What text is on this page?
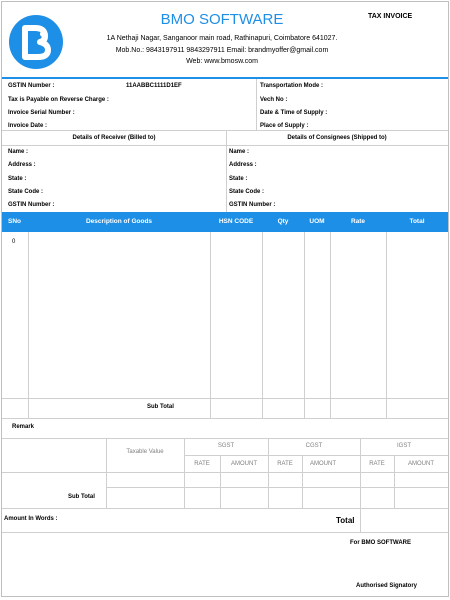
BMO SOFTWARE	TAX INVOICE
1A Nethaji Nagar, Sanganoor main road, Rathinapuri, Coimbatore 641027.
Mob.No.: 9843197911 9843297911 Email: brandmyoffer@gmail.com
Web: www.bmosw.com
GSTIN Number :	11AABBC1111D1EF
Tax is Payable on Reverse Charge :
Invoice Serial Number :
Invoice Date :
Transportation Mode :
Vech No :
Date & Time of Supply :
Place of Supply :
Details of Receiver (Billed to)	Details of Consignees (Shipped to)
Name :
Address :
State :
State Code :
GSTIN Number :
Name :
Address :
State :
State Code :
GSTIN Number :
SNo	Description of Goods	HSN CODE	Qty	UOM	Rate	Total
0
Sub Total
Remark
Taxable Value
SGST	CGST	IGST
RATE	AMOUNT	RATE	AMOUNT	RATE	AMOUNT
Sub Total
Amount In Words :	Total
For BMO SOFTWARE
Authorised Signatory
